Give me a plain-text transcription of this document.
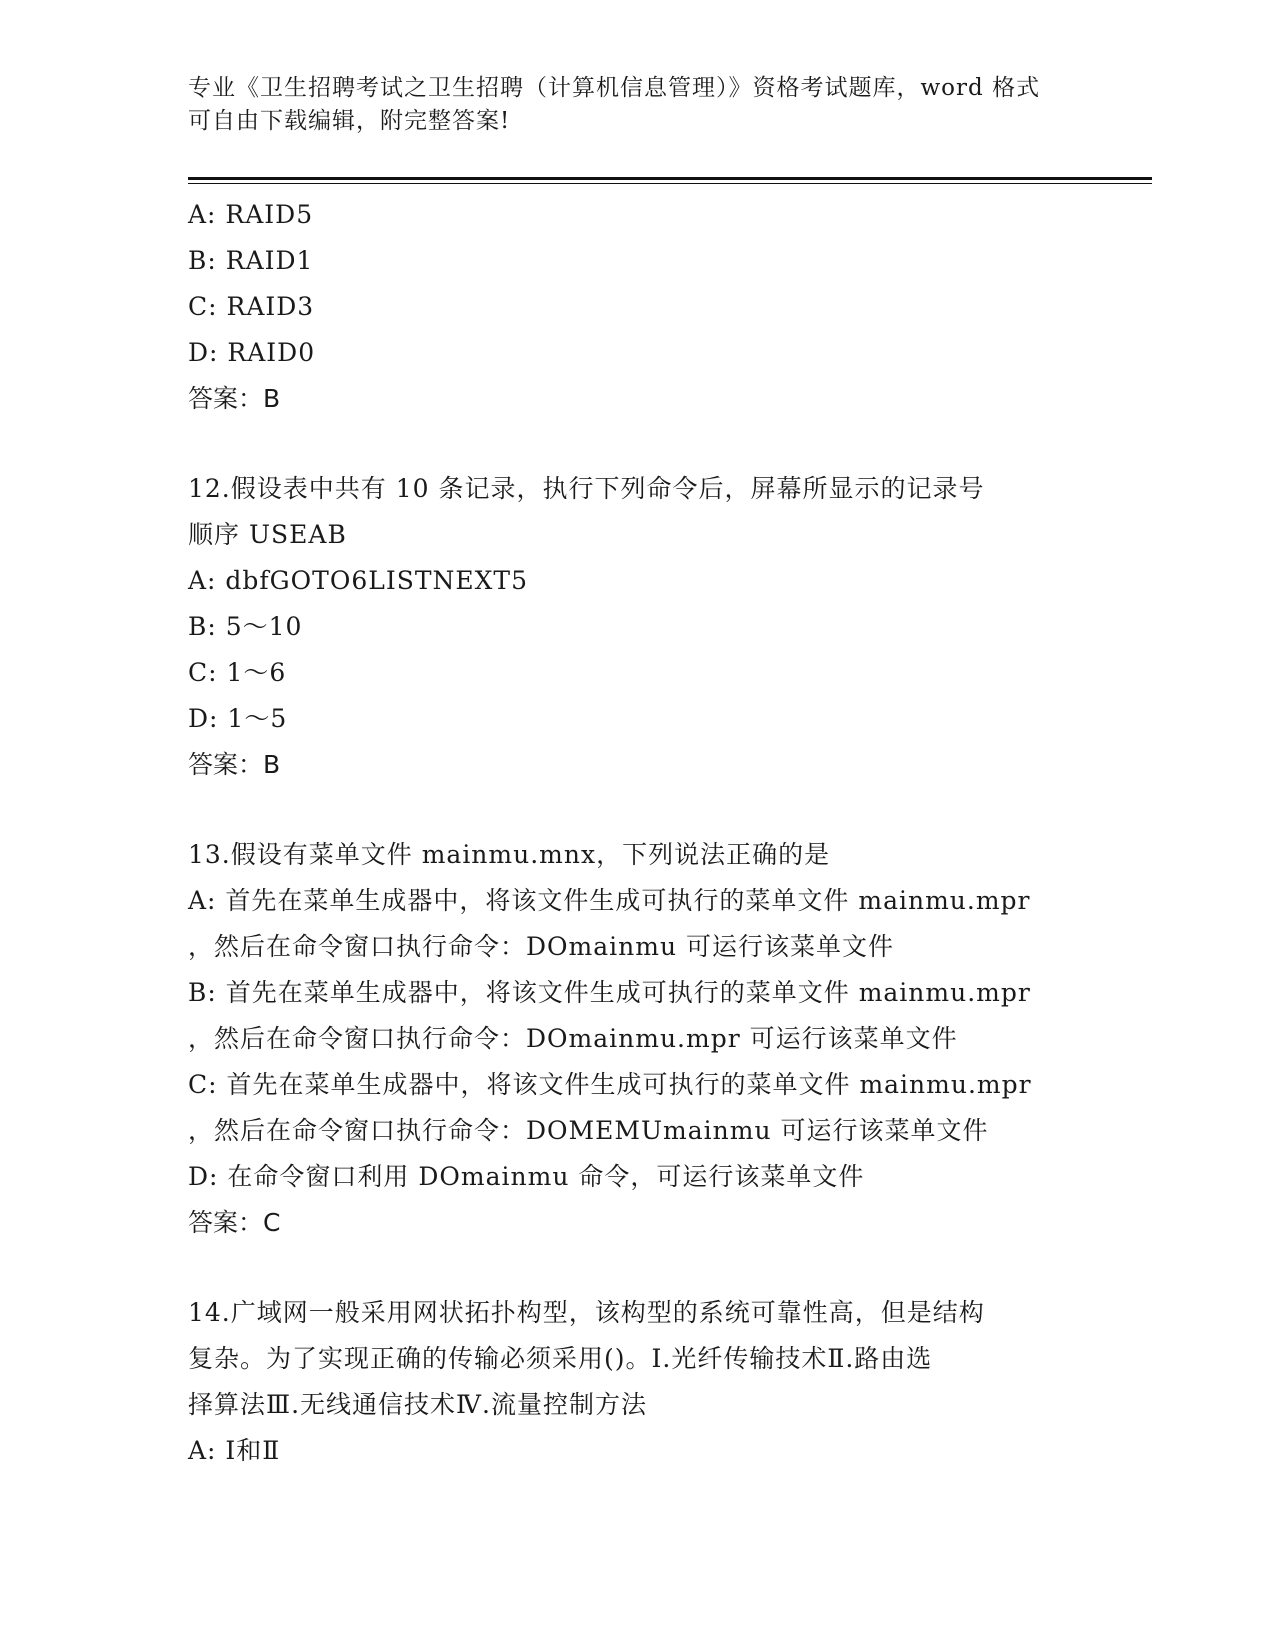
专业《卫生招聘考试之卫生招聘（计算机信息管理）》资格考试题库，word 格式
可自由下载编辑，附完整答案!
A: RAID5
B: RAID1
C: RAID3
D: RAID0
答案：B
12.假设表中共有 10 条记录，执行下列命令后，屏幕所显示的记录号
顺序 USEAB
A: dbfGOTO6LISTNEXT5
B: 5～10
C: 1～6
D: 1～5
答案：B
13.假设有菜单文件 mainmu.mnx，下列说法正确的是
A: 首先在菜单生成器中，将该文件生成可执行的菜单文件 mainmu.mpr
，然后在命令窗口执行命令：DOmainmu 可运行该菜单文件
B: 首先在菜单生成器中，将该文件生成可执行的菜单文件 mainmu.mpr
，然后在命令窗口执行命令：DOmainmu.mpr 可运行该菜单文件
C: 首先在菜单生成器中，将该文件生成可执行的菜单文件 mainmu.mpr
，然后在命令窗口执行命令：DOMEMUmainmu 可运行该菜单文件
D: 在命令窗口利用 DOmainmu 命令，可运行该菜单文件
答案：C
14.广域网一般采用网状拓扑构型，该构型的系统可靠性高，但是结构
复杂。为了实现正确的传输必须采用()。Ⅰ.光纤传输技术Ⅱ.路由选
择算法Ⅲ.无线通信技术Ⅳ.流量控制方法
A: Ⅰ和Ⅱ
